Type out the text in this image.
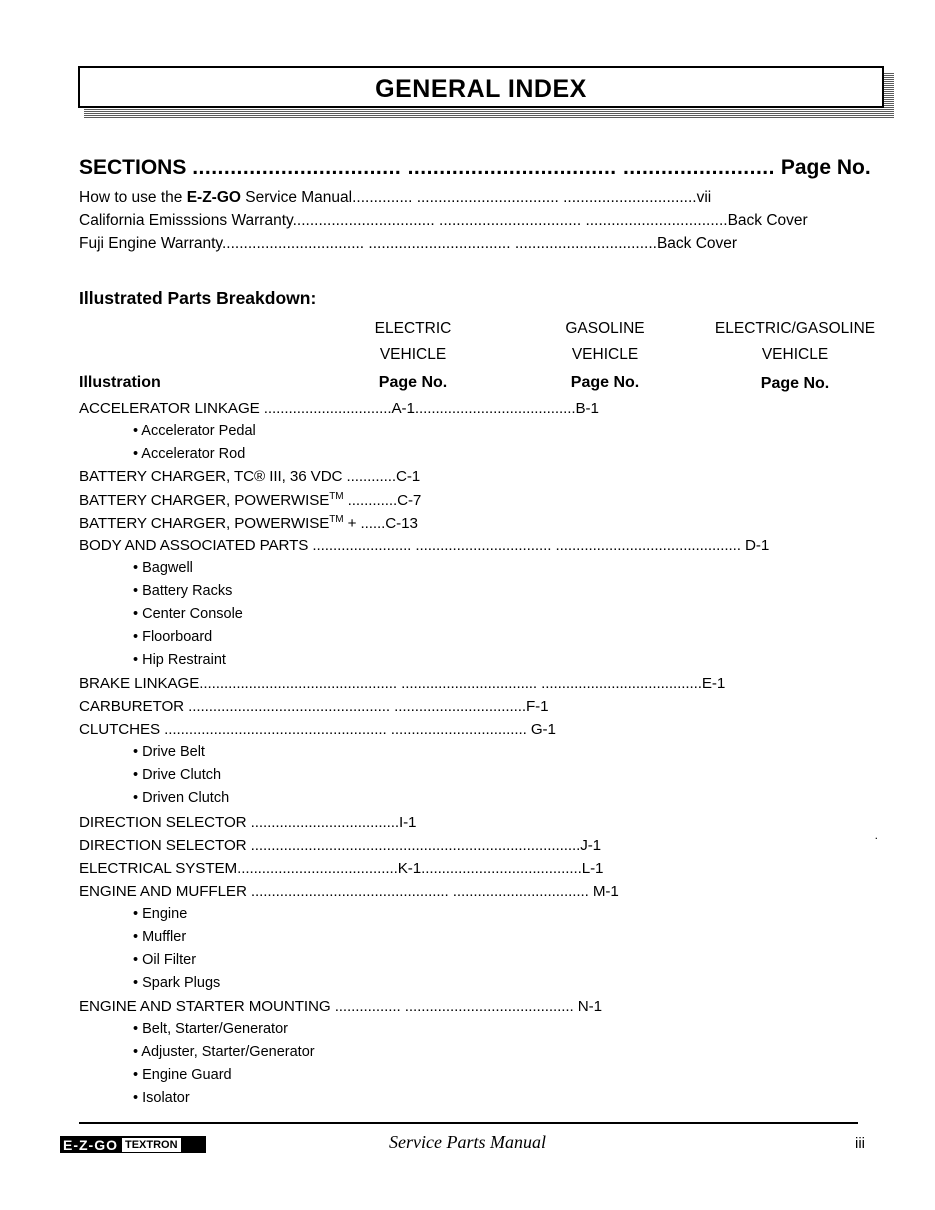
GENERAL INDEX
SECTIONS ................................. ................................. ........................ Page No.
How to use the E-Z-GO Service Manual.............. ................................. ...............................vii
California Emisssions Warranty................................. ................................. .................................Back Cover
Fuji Engine Warranty................................. ................................. .................................Back Cover
Illustrated Parts Breakdown:
ELECTRIC
VEHICLE
Page No.
GASOLINE
VEHICLE
Page No.
ELECTRIC/GASOLINE
VEHICLE
Page No.
Illustration
ACCELERATOR LINKAGE ...............................A-1.......................................B-1
• Accelerator Pedal
• Accelerator Rod
BATTERY CHARGER, TC® III, 36 VDC ............C-1
BATTERY CHARGER, POWERWISE™ ............C-7
BATTERY CHARGER, POWERWISE™ + ......C-13
BODY AND ASSOCIATED PARTS ........................ ................................. ............................................. D-1
• Bagwell
• Battery Racks
• Center Console
• Floorboard
• Hip Restraint
BRAKE LINKAGE................................................ ................................. .......................................E-1
CARBURETOR ................................................. ................................F-1
CLUTCHES ...................................................... ................................. G-1
• Drive Belt
• Drive Clutch
• Driven Clutch
DIRECTION SELECTOR ....................................I-1
DIRECTION SELECTOR ................................................................................J-1
ELECTRICAL SYSTEM.......................................K-1.......................................L-1
ENGINE AND MUFFLER ................................................ ................................. M-1
• Engine
• Muffler
• Oil Filter
• Spark Plugs
ENGINE AND STARTER MOUNTING ................ ......................................... N-1
• Belt, Starter/Generator
• Adjuster, Starter/Generator
• Engine Guard
• Isolator
.
E-Z-GO TEXTRON	Service Parts Manual	iii
